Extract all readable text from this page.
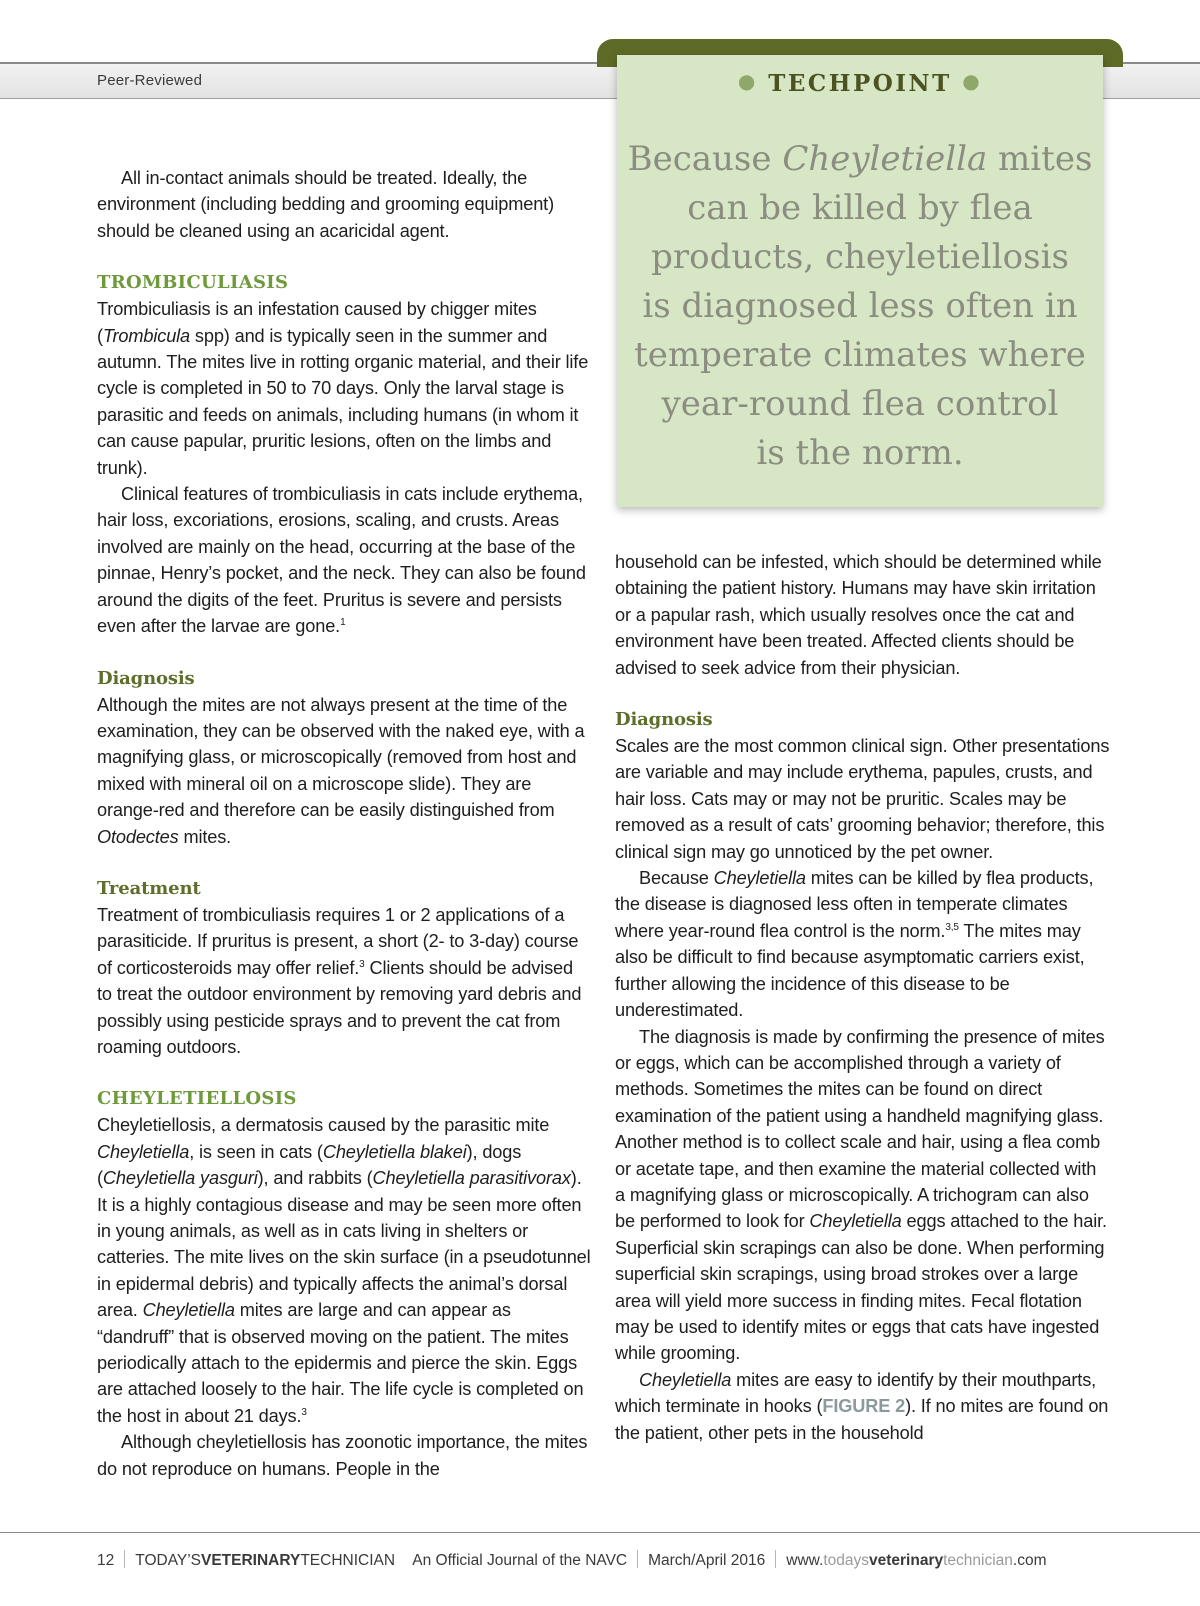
Peer-Reviewed	● TECHPOINT ●
Because Cheyletiella mites
can be killed by flea
products, cheyletiellosis
is diagnosed less often in
temperate climates where
year-round flea control
is the norm.

All in-contact animals should be treated. Ideally, the environment (including bedding and grooming equipment) should be cleaned using an acaricidal agent.

TROMBICULIASIS

Trombiculiasis is an infestation caused by chigger mites (Trombicula spp) and is typically seen in the summer and autumn. The mites live in rotting organic material, and their life cycle is completed in 50 to 70 days. Only the larval stage is parasitic and feeds on animals, including humans (in whom it can cause papular, pruritic lesions, often on the limbs and trunk).

Clinical features of trombiculiasis in cats include erythema, hair loss, excoriations, erosions, scaling, and crusts. Areas involved are mainly on the head, occurring at the base of the pinnae, Henry’s pocket, and the neck. They can also be found around the digits of the feet. Pruritus is severe and persists even after the larvae are gone.$^1$

Diagnosis

Although the mites are not always present at the time of the examination, they can be observed with the naked eye, with a magnifying glass, or microscopically (removed from host and mixed with mineral oil on a microscope slide). They are orange-red and therefore can be easily distinguished from Otodectes mites.

Treatment

Treatment of trombiculiasis requires 1 or 2 applications of a parasiticide. If pruritus is present, a short (2- to 3-day) course of corticosteroids may offer relief.$^3$ Clients should be advised to treat the outdoor environment by removing yard debris and possibly using pesticide sprays and to prevent the cat from roaming outdoors.

CHEYLETIELLOSIS

Cheyletiellosis, a dermatosis caused by the parasitic mite Cheyletiella, is seen in cats (Cheyletiella blakei), dogs (Cheyletiella yasguri), and rabbits (Cheyletiella parasitivorax). It is a highly contagious disease and may be seen more often in young animals, as well as in cats living in shelters or catteries. The mite lives on the skin surface (in a pseudotunnel in epidermal debris) and typically affects the animal’s dorsal area. Cheyletiella mites are large and can appear as “dandruff” that is observed moving on the patient. The mites periodically attach to the epidermis and pierce the skin. Eggs are attached loosely to the hair. The life cycle is completed on the host in about 21 days.$^3$

Although cheyletiellosis has zoonotic importance, the mites do not reproduce on humans. People in the

household can be infested, which should be determined while obtaining the patient history. Humans may have skin irritation or a papular rash, which usually resolves once the cat and environment have been treated. Affected clients should be advised to seek advice from their physician.

Diagnosis

Scales are the most common clinical sign. Other presentations are variable and may include erythema, papules, crusts, and hair loss. Cats may or may not be pruritic. Scales may be removed as a result of cats’ grooming behavior; therefore, this clinical sign may go unnoticed by the pet owner.

Because Cheyletiella mites can be killed by flea products, the disease is diagnosed less often in temperate climates where year-round flea control is the norm.$^{3,5}$ The mites may also be difficult to find because asymptomatic carriers exist, further allowing the incidence of this disease to be underestimated.

The diagnosis is made by confirming the presence of mites or eggs, which can be accomplished through a variety of methods. Sometimes the mites can be found on direct examination of the patient using a handheld magnifying glass. Another method is to collect scale and hair, using a flea comb or acetate tape, and then examine the material collected with a magnifying glass or microscopically. A trichogram can also be performed to look for Cheyletiella eggs attached to the hair. Superficial skin scrapings can also be done. When performing superficial skin scrapings, using broad strokes over a large area will yield more success in finding mites. Fecal flotation may be used to identify mites or eggs that cats have ingested while grooming.

Cheyletiella mites are easy to identify by their mouthparts, which terminate in hooks (FIGURE 2). If no mites are found on the patient, other pets in the household

12 TODAY’SVETERINARYTECHNICIAN An Official Journal of the NAVC March/April 2016 www.todaysveterinarytechnician.com
